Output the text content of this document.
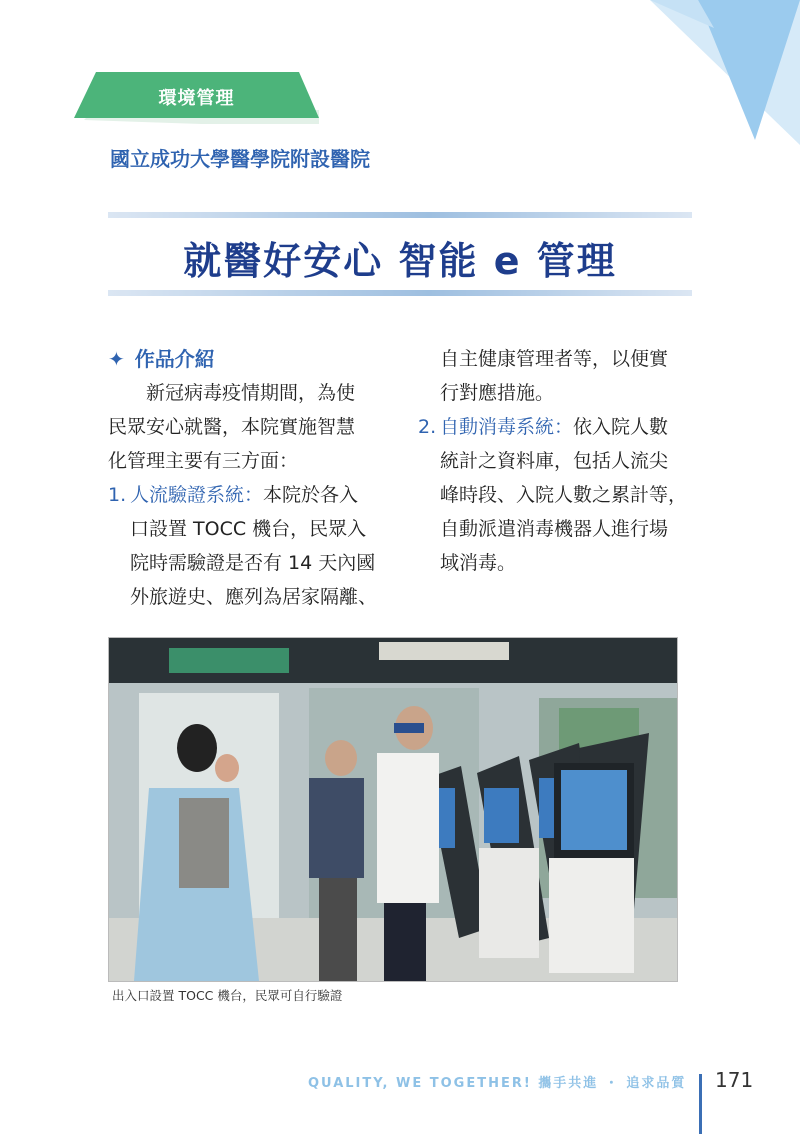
環境管理
國立成功大學醫學院附設醫院
就醫好安心 智能 e 管理

✦ 作品介紹

新冠病毒疫情期間，為使

民眾安心就醫，本院實施智慧

化管理主要有三方面：

1. 人流驗證系統：本院於各入

口設置 TOCC 機台，民眾入

院時需驗證是否有 14 天內國

外旅遊史、應列為居家隔離、

自主健康管理者等，以便實

行對應措施。

2. 自動消毒系統：依入院人數

統計之資料庫，包括人流尖

峰時段、入院人數之累計等，

自動派遣消毒機器人進行場

域消毒。

出入口設置 TOCC 機台，民眾可自行驗證
QUALITY, WE TOGETHER! 攜手共進 ・ 追求品質 171
